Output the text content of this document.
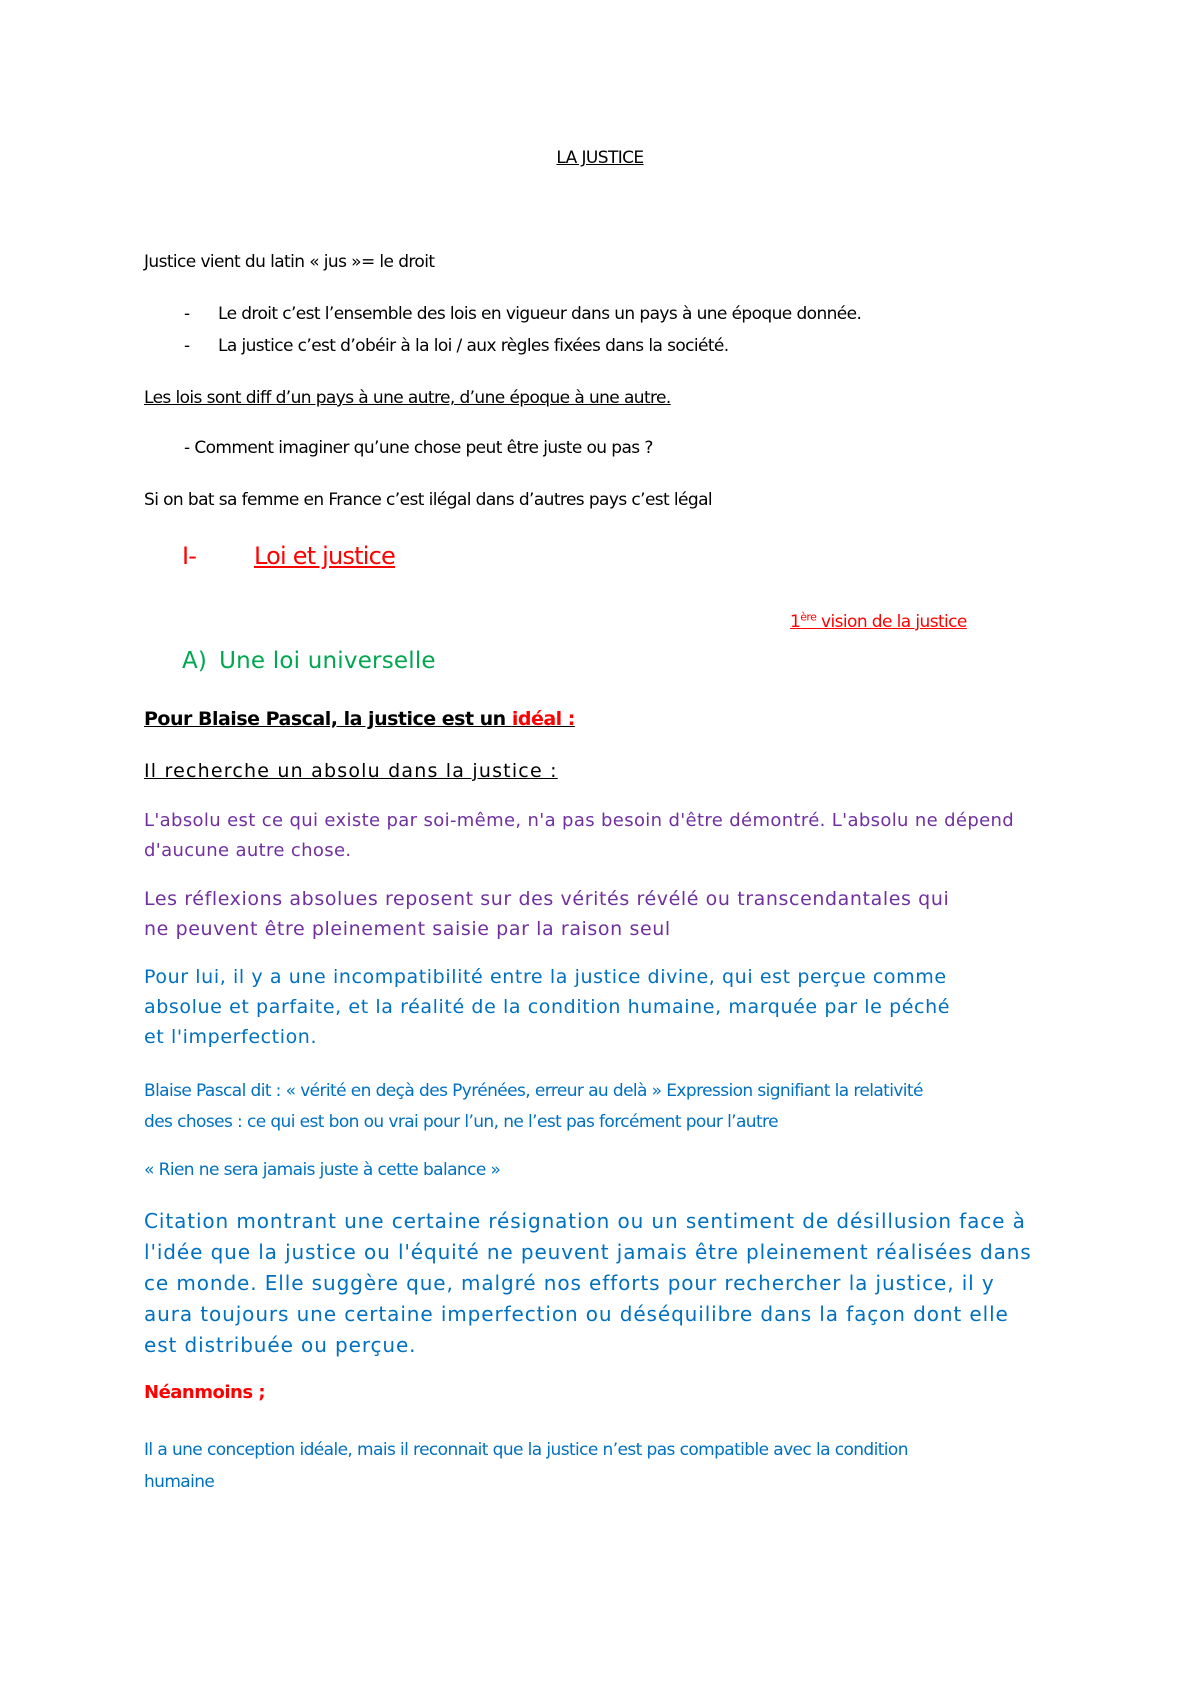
LA JUSTICE

Justice vient du latin « jus »= le droit

- Le droit c’est l’ensemble des lois en vigueur dans un pays à une époque donnée.

- La justice c’est d’obéir à la loi / aux règles fixées dans la société.

Les lois sont diff d’un pays à une autre, d’une époque à une autre.

- Comment imaginer qu’une chose peut être juste ou pas ?

Si on bat sa femme en France c’est ilégal dans d’autres pays c’est légal

I- Loi et justice

1ère vision de la justice

A) Une loi universelle

Pour Blaise Pascal, la justice est un idéal :

Il recherche un absolu dans la justice :

L'absolu est ce qui existe par soi-même, n'a pas besoin d'être démontré. L'absolu ne dépend
d'aucune autre chose.
Les réflexions absolues reposent sur des vérités révélé ou transcendantales qui
ne peuvent être pleinement saisie par la raison seul
Pour lui, il y a une incompatibilité entre la justice divine, qui est perçue comme
absolue et parfaite, et la réalité de la condition humaine, marquée par le péché
et l'imperfection.
Blaise Pascal dit : « vérité en deçà des Pyrénées, erreur au delà » Expression signifiant la relativité
des choses : ce qui est bon ou vrai pour l’un, ne l’est pas forcément pour l’autre

« Rien ne sera jamais juste à cette balance »

Citation montrant une certaine résignation ou un sentiment de désillusion face à
l'idée que la justice ou l'équité ne peuvent jamais être pleinement réalisées dans
ce monde. Elle suggère que, malgré nos efforts pour rechercher la justice, il y
aura toujours une certaine imperfection ou déséquilibre dans la façon dont elle
est distribuée ou perçue.

Néanmoins ;

Il a une conception idéale, mais il reconnait que la justice n’est pas compatible avec la condition
humaine
